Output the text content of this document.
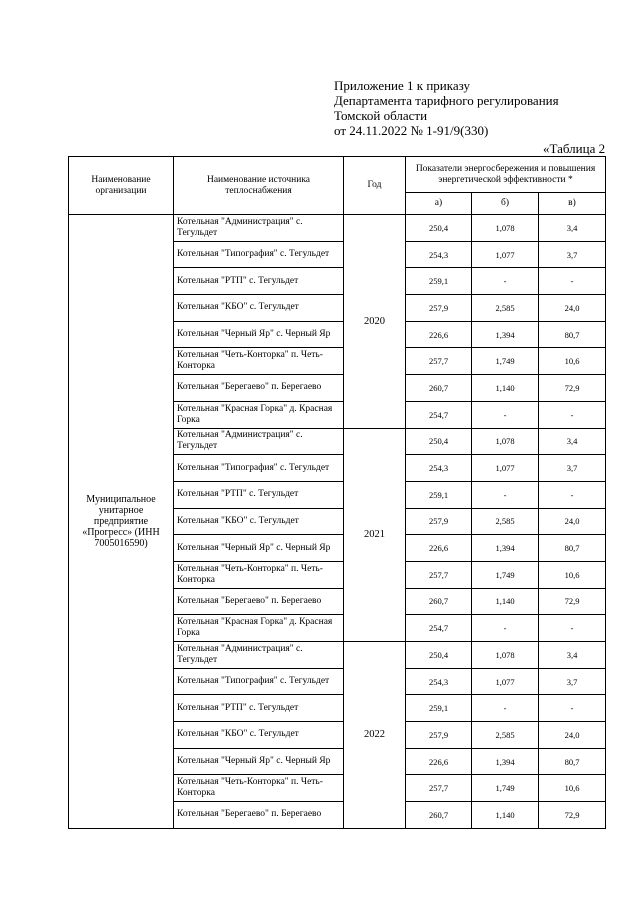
Приложение 1 к приказу
Департамента тарифного регулирования
Томской области
от 24.11.2022 № 1-91/9(330)
«Таблица 2
Наименование организации	Наименование источника теплоснабжения	Год	Показатели энергосбережения и повышения энергетической эффективности *		
			а)	б)	в)
Муниципальное унитарное предприятие «Прогресс» (ИНН 7005016590)	Котельная "Администрация" с. Тегульдет	2020	250,4	1,078	3,4
	Котельная "Типография" с. Тегульдет		254,3	1,077	3,7
	Котельная "РТП" с. Тегульдет		259,1	-	-
	Котельная "КБО" с. Тегульдет		257,9	2,585	24,0
	Котельная "Черный Яр" с. Черный Яр		226,6	1,394	80,7
	Котельная "Четь-Конторка" п. Четь-Конторка		257,7	1,749	10,6
	Котельная "Берегаево" п. Берегаево		260,7	1,140	72,9
	Котельная "Красная Горка" д. Красная Горка		254,7	-	-
	Котельная "Администрация" с. Тегульдет	2021	250,4	1,078	3,4
	Котельная "Типография" с. Тегульдет		254,3	1,077	3,7
	Котельная "РТП" с. Тегульдет		259,1	-	-
	Котельная "КБО" с. Тегульдет		257,9	2,585	24,0
	Котельная "Черный Яр" с. Черный Яр		226,6	1,394	80,7
	Котельная "Четь-Конторка" п. Четь-Конторка		257,7	1,749	10,6
	Котельная "Берегаево" п. Берегаево		260,7	1,140	72,9
	Котельная "Красная Горка" д. Красная Горка		254,7	-	-
	Котельная "Администрация" с. Тегульдет	2022	250,4	1,078	3,4
	Котельная "Типография" с. Тегульдет		254,3	1,077	3,7
	Котельная "РТП" с. Тегульдет		259,1	-	-
	Котельная "КБО" с. Тегульдет		257,9	2,585	24,0
	Котельная "Черный Яр" с. Черный Яр		226,6	1,394	80,7
	Котельная "Четь-Конторка" п. Четь-Конторка		257,7	1,749	10,6
	Котельная "Берегаево" п. Берегаево		260,7	1,140	72,9
